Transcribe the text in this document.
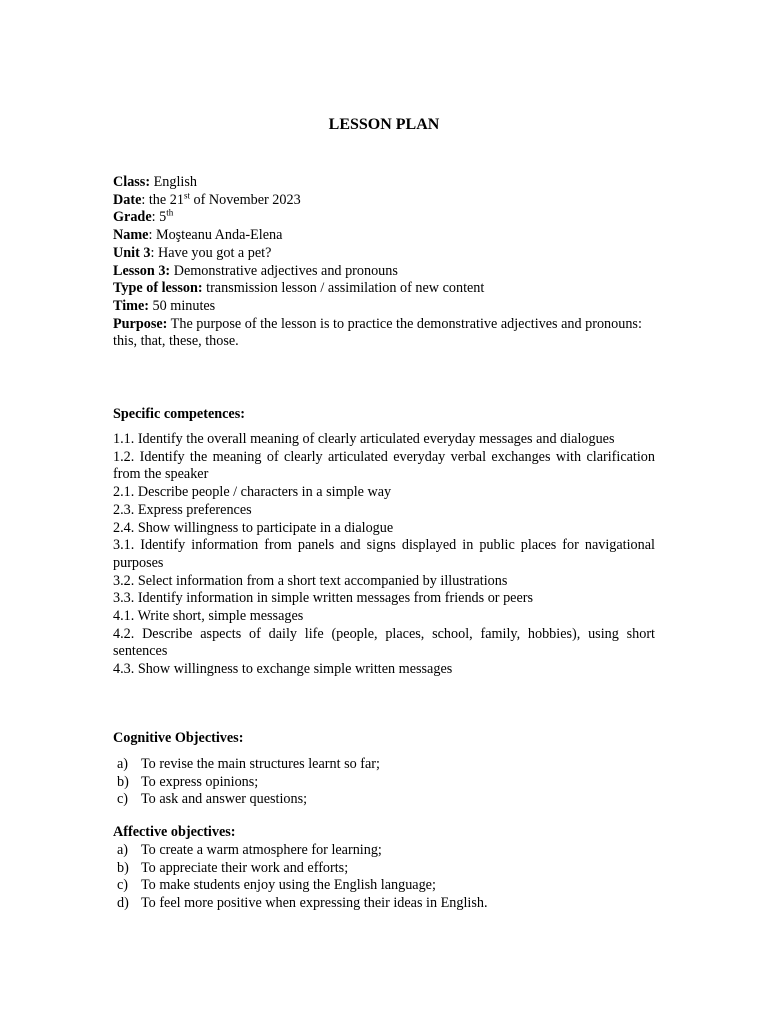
LESSON PLAN

Class: English

Date: the 21st of November 2023

Grade: 5th

Name: Moşteanu Anda-Elena

Unit 3: Have you got a pet?

Lesson 3: Demonstrative adjectives and pronouns

Type of lesson: transmission lesson / assimilation of new content

Time: 50 minutes

Purpose: The purpose of the lesson is to practice the demonstrative adjectives and pronouns: this, that, these, those.

Specific competences:

1.1. Identify the overall meaning of clearly articulated everyday messages and dialogues

1.2. Identify the meaning of clearly articulated everyday verbal exchanges with clarification from the speaker

2.1. Describe people / characters in a simple way

2.3. Express preferences

2.4. Show willingness to participate in a dialogue

3.1. Identify information from panels and signs displayed in public places for navigational purposes

3.2. Select information from a short text accompanied by illustrations

3.3. Identify information in simple written messages from friends or peers

4.1. Write short, simple messages

4.2. Describe aspects of daily life (people, places, school, family, hobbies), using short sentences

4.3. Show willingness to exchange simple written messages

Cognitive Objectives:
a) To revise the main structures learnt so far;
b) To express opinions;
c) To ask and answer questions;
Affective objectives:
a) To create a warm atmosphere for learning;
b) To appreciate their work and efforts;
c) To make students enjoy using the English language;
d) To feel more positive when expressing their ideas in English.
